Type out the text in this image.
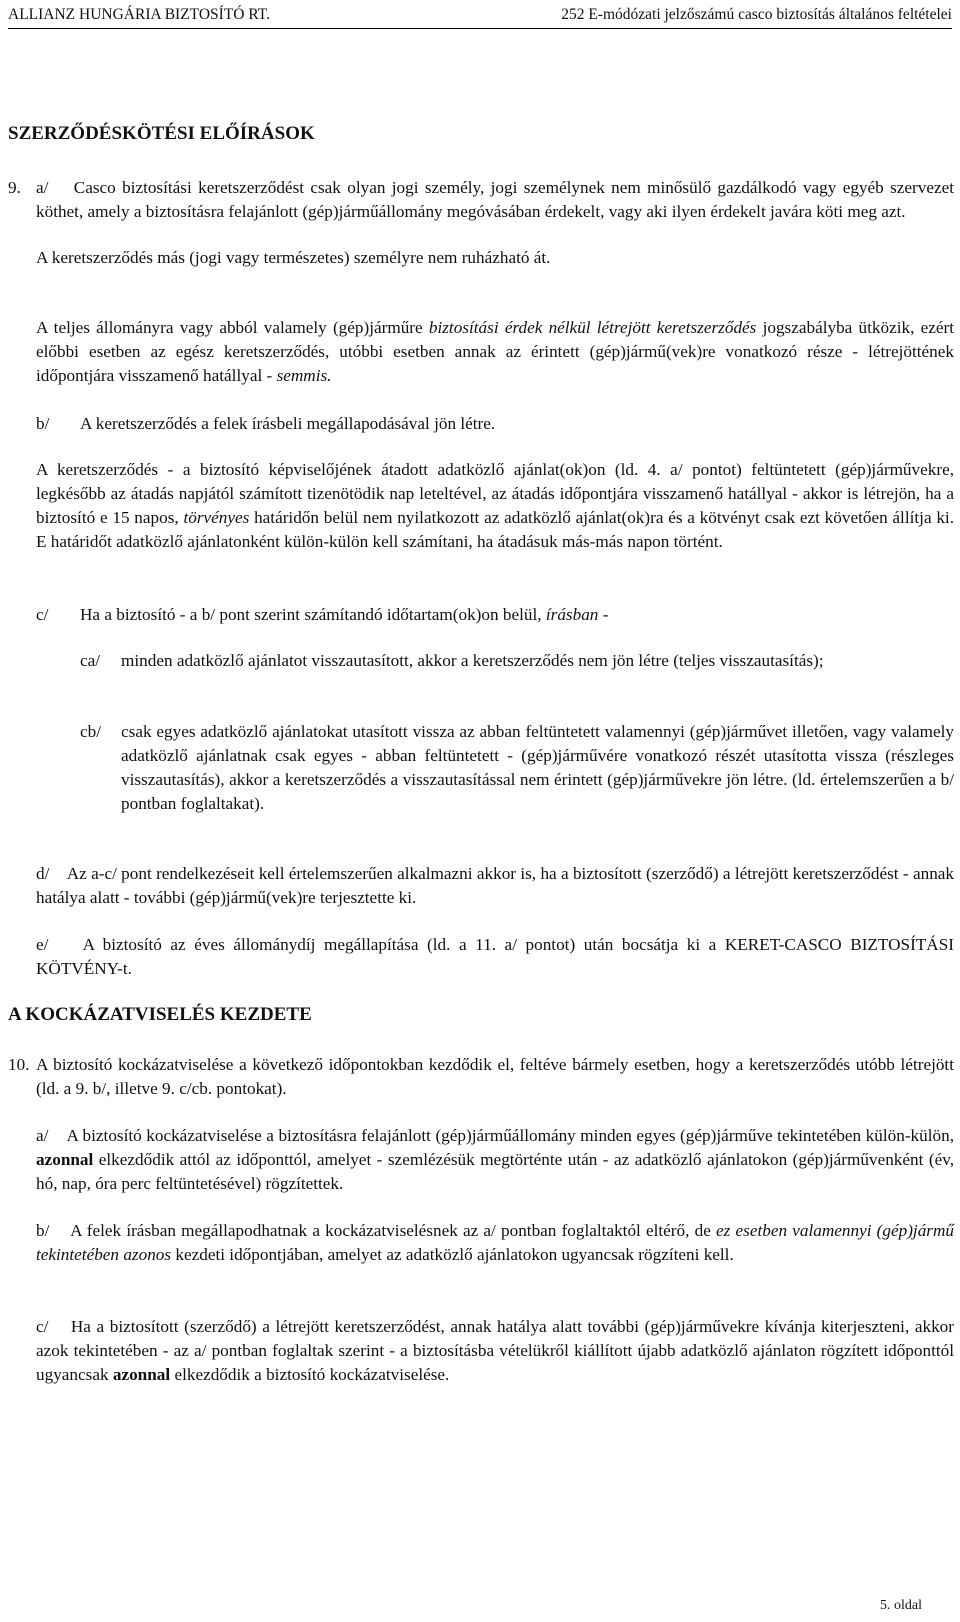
ALLIANZ HUNGÁRIA BIZTOSÍTÓ RT.	252 E-módózati jelzőszámú casco biztosítás általános feltételei
SZERZŐDÉSKÖTÉSI ELŐÍRÁSOK
9. a/ Casco biztosítási keretszerződést csak olyan jogi személy, jogi személynek nem minősülő gazdálkodó vagy egyéb szervezet köthet, amely a biztosításra felajánlott (gép)járműállomány megóvásában érdekelt, vagy aki ilyen érdekelt javára köti meg azt.

A keretszerződés más (jogi vagy természetes) személyre nem ruházható át.

A teljes állományra vagy abból valamely (gép)járműre biztosítási érdek nélkül létrejött keretszerződés jogszabályba ütközik, ezért előbbi esetben az egész keretszerződés, utóbbi esetben annak az érintett (gép)jármű(vek)re vonatkozó része - létrejöttének időpontjára visszamenő hatállyal - semmis.

b/ A keretszerződés a felek írásbeli megállapodásával jön létre.

A keretszerződés - a biztosító képviselőjének átadott adatközlő ajánlat(ok)on (ld. 4. a/ pontot) feltüntetett (gép)járművekre, legkésőbb az átadás napjától számított tizenötödik nap leteltével, az átadás időpontjára visszamenő hatállyal - akkor is létrejön, ha a biztosító e 15 napos, törvényes határidőn belül nem nyilatkozott az adatközlő ajánlat(ok)ra és a kötvényt csak ezt követően állítja ki. E határidőt adatközlő ajánlatonként külön-külön kell számítani, ha átadásuk más-más napon történt.

c/ Ha a biztosító - a b/ pont szerint számítandó időtartam(ok)on belül, írásban -

ca/	minden adatközlő ajánlatot visszautasított, akkor a keretszerződés nem jön létre (teljes visszautasítás);

cb/	csak egyes adatközlő ajánlatokat utasított vissza az abban feltüntetett valamennyi (gép)járművet illetően, vagy valamely adatközlő ajánlatnak csak egyes - abban feltüntetett - (gép)járművére vonatkozó részét utasította vissza (részleges visszautasítás), akkor a keretszerződés a visszautasítással nem érintett (gép)járművekre jön létre. (ld. értelemszerűen a b/ pontban foglaltakat).

d/ Az a-c/ pont rendelkezéseit kell értelemszerűen alkalmazni akkor is, ha a biztosított (szerződő) a létrejött keretszerződést - annak hatálya alatt - további (gép)jármű(vek)re terjesztette ki.

e/ A biztosító az éves állománydíj megállapítása (ld. a 11. a/ pontot) után bocsátja ki a KERET-CASCO BIZTOSÍTÁSI KÖTVÉNY-t.

A KOCKÁZATVISELÉS KEZDETE
10. A biztosító kockázatviselése a következő időpontokban kezdődik el, feltéve bármely esetben, hogy a keretszerződés utóbb létrejött (ld. a 9. b/, illetve 9. c/cb. pontokat).

a/ A biztosító kockázatviselése a biztosításra felajánlott (gép)járműállomány minden egyes (gép)járműve tekintetében külön-külön, azonnal elkezdődik attól az időponttól, amelyet - szemlézésük megtörténte után - az adatközlő ajánlatokon (gép)járművenként (év, hó, nap, óra perc feltüntetésével) rögzítettek.

b/ A felek írásban megállapodhatnak a kockázatviselésnek az a/ pontban foglaltaktól eltérő, de ez esetben valamennyi (gép)jármű tekintetében azonos kezdeti időpontjában, amelyet az adatközlő ajánlatokon ugyancsak rögzíteni kell.

c/ Ha a biztosított (szerződő) a létrejött keretszerződést, annak hatálya alatt további (gép)járművekre kívánja kiterjeszteni, akkor azok tekintetében - az a/ pontban foglaltak szerint - a biztosításba vételükről kiállított újabb adatközlő ajánlaton rögzített időponttól ugyancsak azonnal elkezdődik a biztosító kockázatviselése.

5. oldal
